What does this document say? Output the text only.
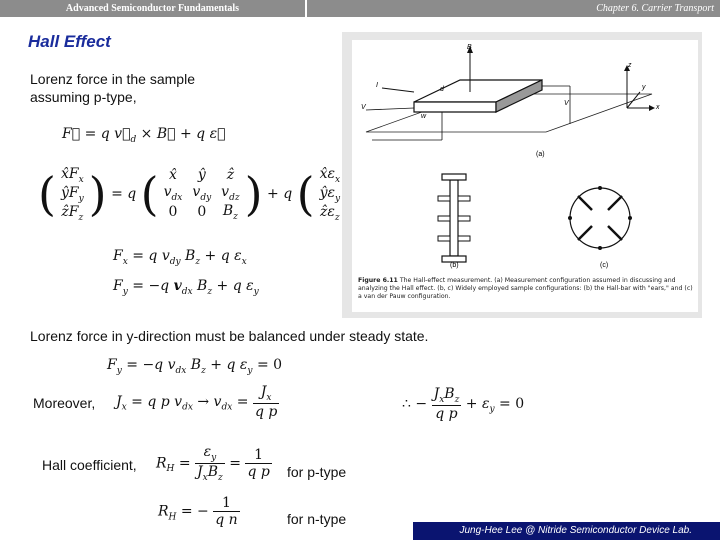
Advanced Semiconductor Fundamentals	Chapter 6. Carrier Transport
Hall Effect
Lorenz force in the sample
assuming p-type,
F⃗ = q $v⃗_d$ × B⃗ + q ε⃗
( $x̂F_x$
$ŷF_y$
$ẑF_z$ ) = q ( x̂	ŷ	ẑ
$v_{dx}$	$v_{dy}$	$v_{dz}$
0	0	$B_z$ ) + q ( $x̂\varepsilon_x$
$ŷ\varepsilon_y$
$ẑ\varepsilon_z$
$F_x = q$ $v_{dy}$ $B_z + q$ $\varepsilon_x$
$F_y = -q$ $v_{dx}$ $B_z + q$ $\varepsilon_y$
B
I
d
w
V
V
z
x
y
(a)
(b)	(c)
Figure 6.11 The Hall-effect measurement. (a) Measurement configuration assumed in discussing and analyzing the Hall effect. (b, c) Widely employed sample configurations: (b) the Hall-bar with "ears," and (c) a van der Pauw configuration.
Lorenz force in y-direction must be balanced under steady state.
$F_y = -q$ $v_{dx}$ $B_z + q$ $\varepsilon_y = 0$
Moreover, $J_x = q$ p $v_{dx} \to v_{dx} = \frac{J_x}{\text{q p}}$	∴ − $\frac{J_xB_z}{\text{q p}} + \varepsilon_y = 0$
Hall coefficient, $R_H = \frac{\varepsilon_y}{J_xB_z} = \frac{1}{\text{q p}}$ for p-type
$R_H$ = − $\frac{1}{\text{q n}}$	for n-type
Jung-Hee Lee @ Nitride Semiconductor Device Lab.
